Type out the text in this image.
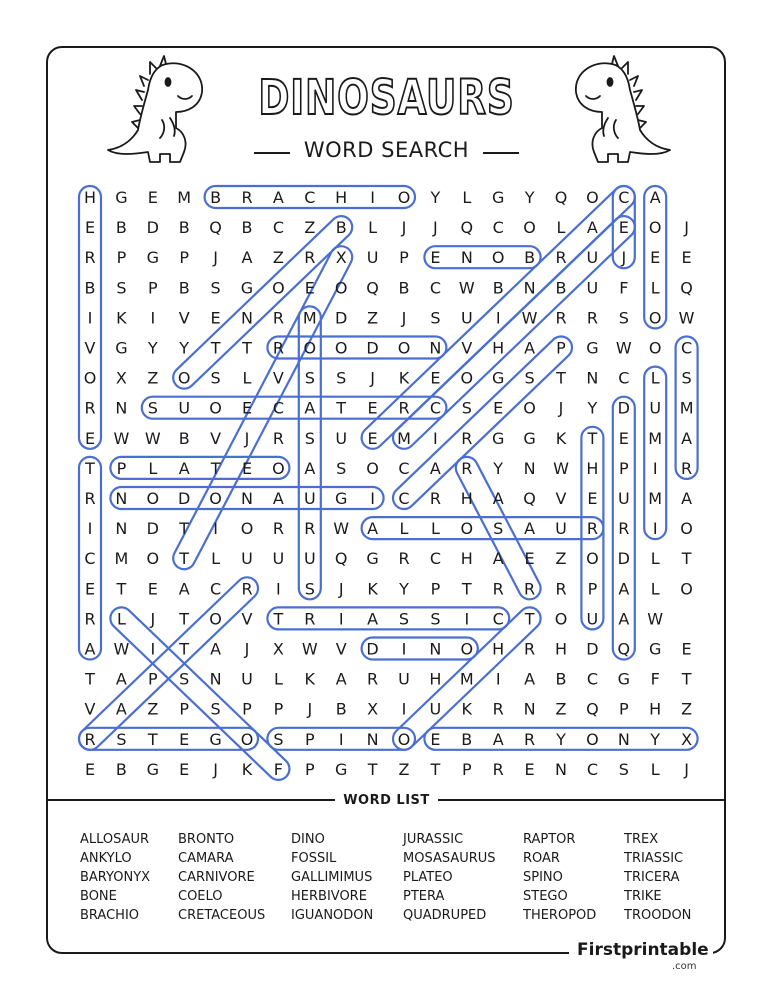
DINOSAURS
WORD SEARCH
H G E M B R A C H I O Y L G Y Q O C A
E B D B Q B C Z B L J J Q C O L A E O J
R P G P J A Z R X U P E N O B R U J E E
B S P B S G O E O Q B C W B N B U F L Q
I K I V E N R M D Z J S U I W R R S O W
V G Y Y T T R O O D O N V H A P G W O C
O X Z O S L V S S J K E O G S T N C L S
R N S U O E C A T E R C S E O J Y D U M
E W W B V J R S U E M I R G G K T E M A
T P L A T E O A S O C A R Y N W H P I R
R N O D O N A U G I C R H A Q V E U M A
I N D T I O R R W A L L O S A U R R I O
C M O T L U U U Q G R C H A E Z O D L T
E T E A C R I S J K Y P T R R R P A L O
R L J T O V T R I A S S I C T O U A W
A W I T A J X W V D I N O H R H D Q G E
T A P S N U L K A R U H M I A B C G F T
V A Z P S P P J B X I U K R N Z Q P H Z
R S T E G O S P I N O E B A R Y O N Y X
E B G E J K F P G T Z T P R E N C S L J
WORD LIST
ALLOSAUR
ANKYLO
BARYONYX
BONE
BRACHIO
BRONTO
CAMARA
CARNIVORE
COELO
CRETACEOUS
DINO
FOSSIL
GALLIMIMUS
HERBIVORE
IGUANODON
JURASSIC
MOSASAURUS
PLATEO
PTERA
QUADRUPED
RAPTOR
ROAR
SPINO
STEGO
THEROPOD
TREX
TRIASSIC
TRICERA
TRIKE
TROODON
Firstprintable
.com
